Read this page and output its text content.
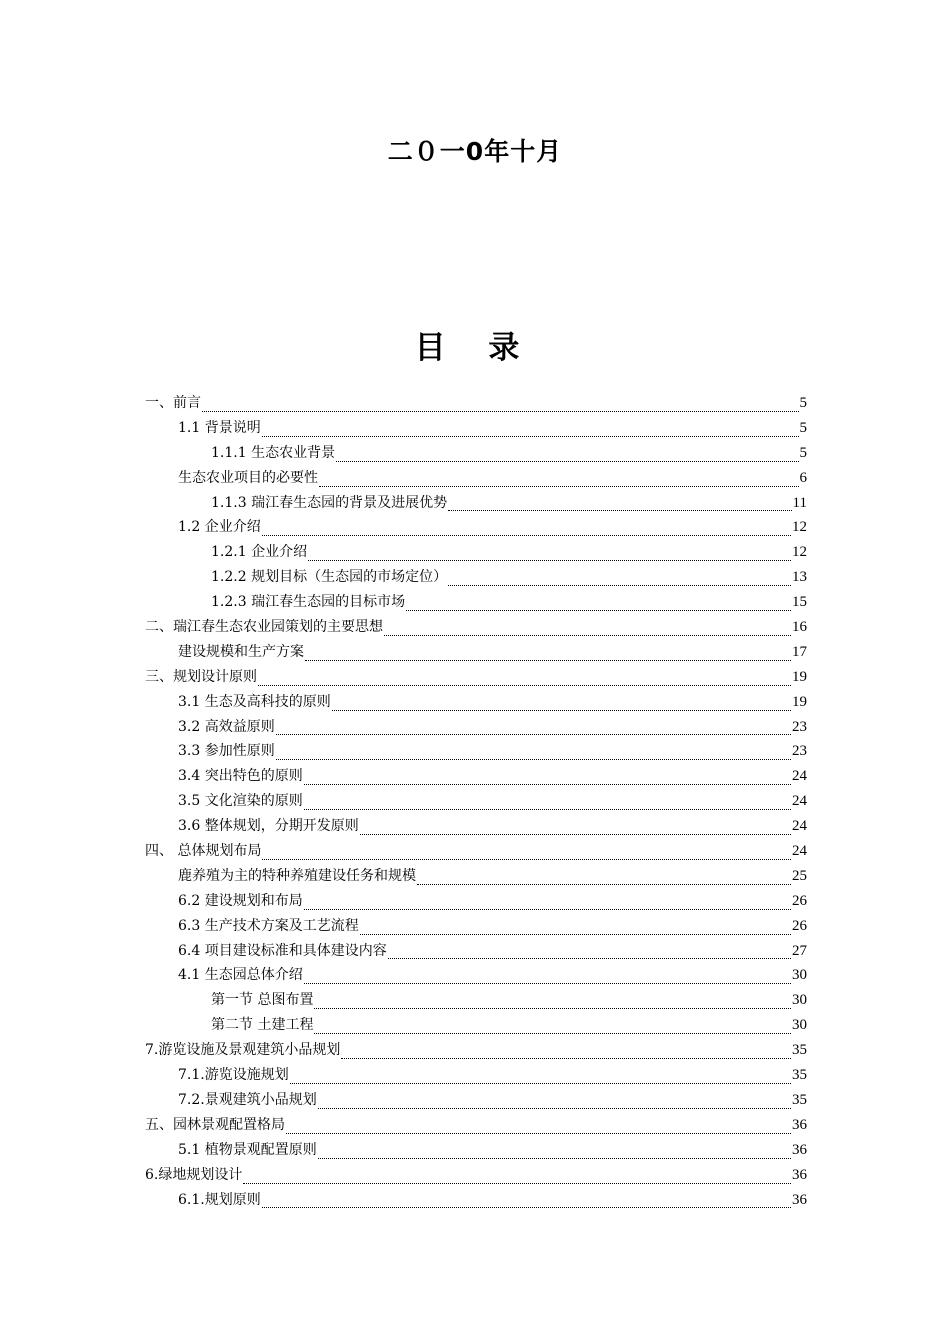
二０一0年十月
目 录
一、前言	5
1.1 背景说明	5
1.1.1 生态农业背景	5
生态农业项目的必要性	6
1.1.3 瑞江春生态园的背景及进展优势	11
1.2 企业介绍	12
1.2.1 企业介绍	12
1.2.2 规划目标（生态园的市场定位）	13
1.2.3 瑞江春生态园的目标市场	15
二、瑞江春生态农业园策划的主要思想	16
建设规模和生产方案	17
三、规划设计原则	19
3.1 生态及高科技的原则	19
3.2 高效益原则	23
3.3 参加性原则	23
3.4 突出特色的原则	24
3.5 文化渲染的原则	24
3.6 整体规划，分期开发原则	24
四、 总体规划布局	24
鹿养殖为主的特种养殖建设任务和规模	25
6.2 建设规划和布局	26
6.3 生产技术方案及工艺流程	26
6.4 项目建设标准和具体建设内容	27
4.1 生态园总体介绍	30
第一节 总图布置	30
第二节 土建工程	30
7.游览设施及景观建筑小品规划	35
7.1.游览设施规划	35
7.2.景观建筑小品规划	35
五、园林景观配置格局	36
5.1 植物景观配置原则	36
6.绿地规划设计	36
6.1.规划原则	36
